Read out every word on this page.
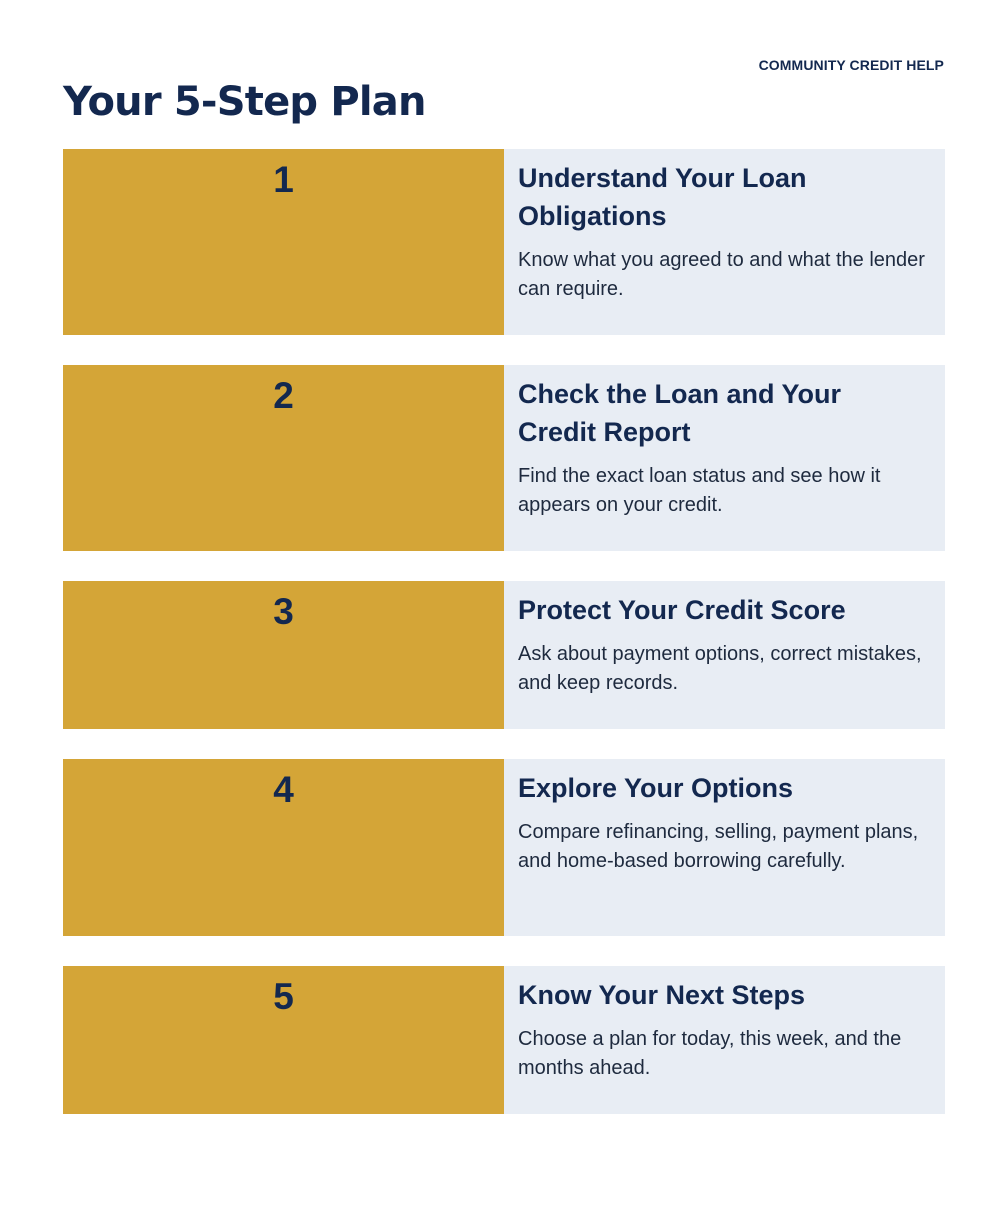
COMMUNITY CREDIT HELP
Your 5-Step Plan
1	Understand Your Loan Obligations

Know what you agreed to and what the lender can require.

2	Check the Loan and Your Credit Report

Find the exact loan status and see how it appears on your credit.

3	Protect Your Credit Score

Ask about payment options, correct mistakes, and keep records.

4	Explore Your Options

Compare refinancing, selling, payment plans, and home-based borrowing carefully.

5	Know Your Next Steps

Choose a plan for today, this week, and the months ahead.
